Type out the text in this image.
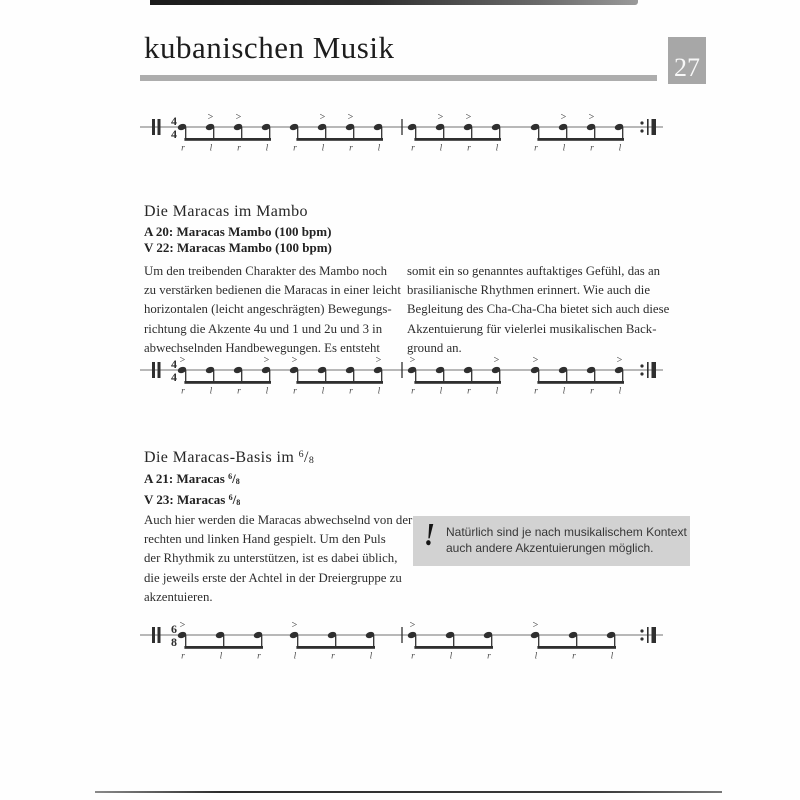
kubanischen Musik
27
4
4
r
>
l
>
r	l	r
>
l
>
r	l	r
>
l
>
r	l	r
>
l
>
r	l
Die Maracas im Mambo
A 20: Maracas Mambo (100 bpm)
V 22: Maracas Mambo (100 bpm)
Um den treibenden Charakter des Mambo noch
zu verstärken bedienen die Maracas in einer leicht
horizontalen (leicht angeschrägten) Bewegungs-
richtung die Akzente 4u und 1 und 2u und 3 in
abwechselnden Handbewegungen. Es entsteht
somit ein so genanntes auftaktiges Gefühl, das an
brasilianische Rhythmen erinnert. Wie auch die
Begleitung des Cha-Cha-Cha bietet sich auch diese
Akzentuierung für vielerlei musikalischen Back-
ground an.
4
4
>
r	l	r
>
l
>
r	l	r
>
l
>
r	l	r
>
l
>
r	l	r
>
l
Die Maracas-Basis im $^6/_8$
A 21: Maracas $^6/_8$
V 23: Maracas $^6/_8$
Auch hier werden die Maracas abwechselnd von der
rechten und linken Hand gespielt. Um den Puls
der Rhythmik zu unterstützen, ist es dabei üblich,
die jeweils erste der Achtel in der Dreiergruppe zu
akzentuieren.
! Natürlich sind je nach musikalischem Kontext
auch andere Akzentuierungen möglich.
6
8
>
r	l	r
>
l	r	l
>
r	l	r
>
l	r	l
